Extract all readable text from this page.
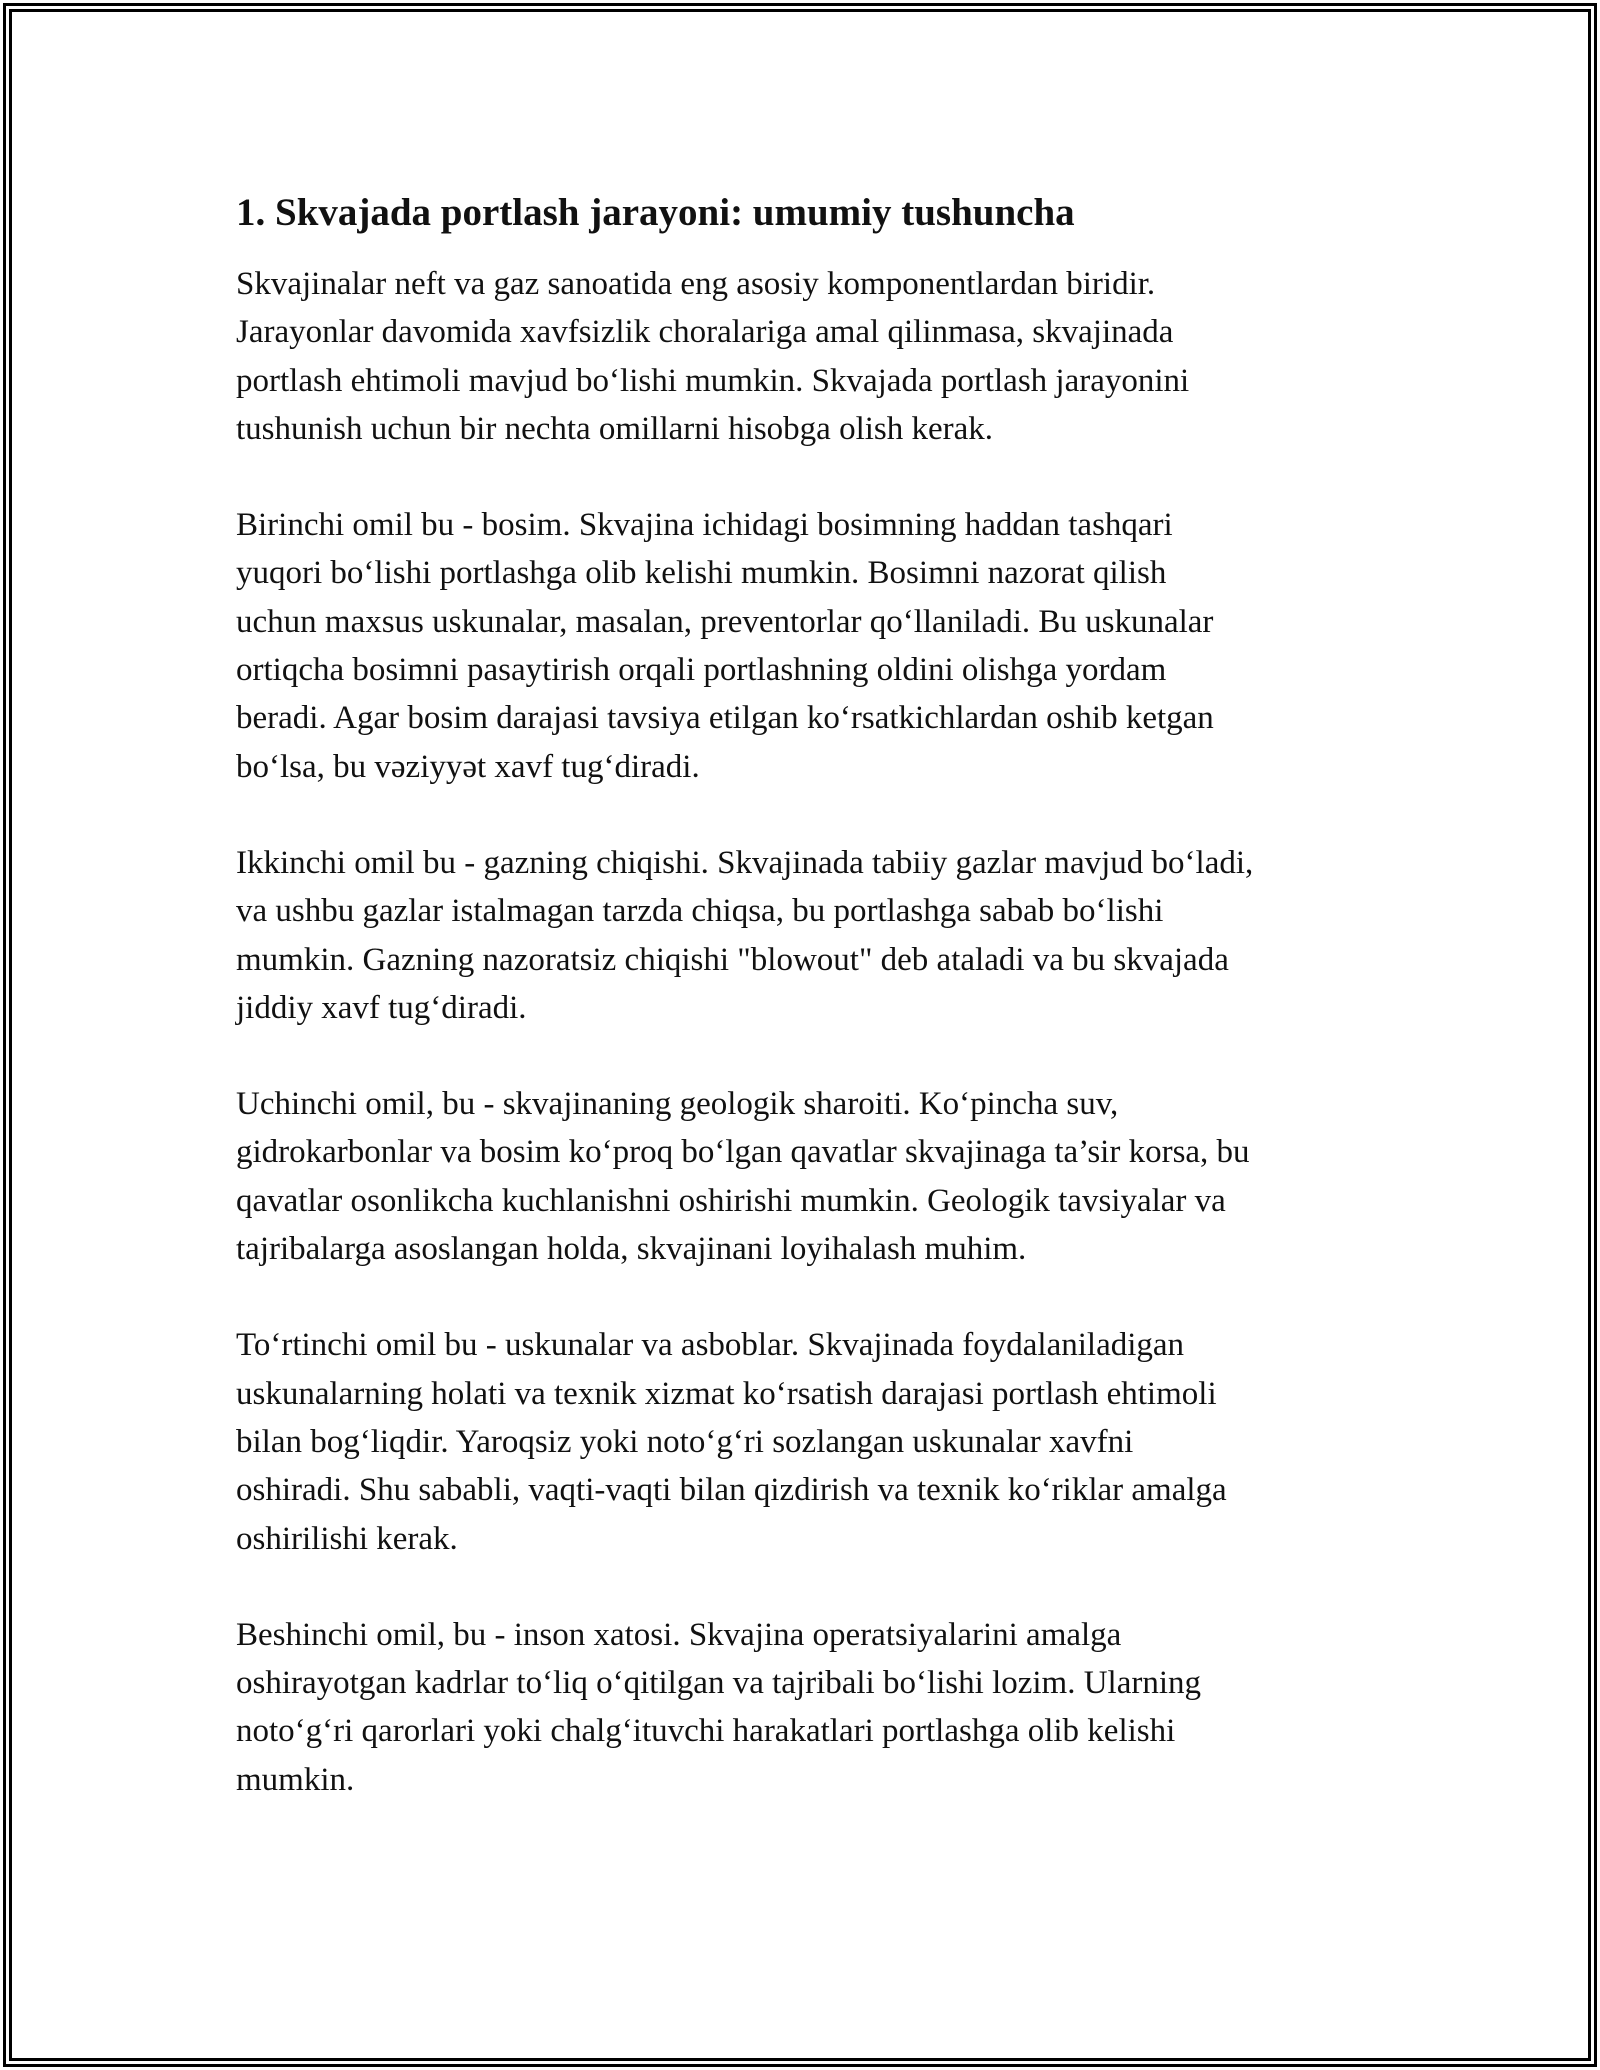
1. Skvajada portlash jarayoni: umumiy tushuncha

Skvajinalar neft va gaz sanoatida eng asosiy komponentlardan biridir.
Jarayonlar davomida xavfsizlik choralariga amal qilinmasa, skvajinada
portlash ehtimoli mavjud bo‘lishi mumkin. Skvajada portlash jarayonini
tushunish uchun bir nechta omillarni hisobga olish kerak.

Birinchi omil bu - bosim. Skvajina ichidagi bosimning haddan tashqari
yuqori bo‘lishi portlashga olib kelishi mumkin. Bosimni nazorat qilish
uchun maxsus uskunalar, masalan, preventorlar qo‘llaniladi. Bu uskunalar
ortiqcha bosimni pasaytirish orqali portlashning oldini olishga yordam
beradi. Agar bosim darajasi tavsiya etilgan ko‘rsatkichlardan oshib ketgan
bo‘lsa, bu vəziyyət xavf tug‘diradi.

Ikkinchi omil bu - gazning chiqishi. Skvajinada tabiiy gazlar mavjud bo‘ladi,
va ushbu gazlar istalmagan tarzda chiqsa, bu portlashga sabab bo‘lishi
mumkin. Gazning nazoratsiz chiqishi "blowout" deb ataladi va bu skvajada
jiddiy xavf tug‘diradi.

Uchinchi omil, bu - skvajinaning geologik sharoiti. Ko‘pincha suv,
gidrokarbonlar va bosim ko‘proq bo‘lgan qavatlar skvajinaga ta’sir korsa, bu
qavatlar osonlikcha kuchlanishni oshirishi mumkin. Geologik tavsiyalar va
tajribalarga asoslangan holda, skvajinani loyihalash muhim.

To‘rtinchi omil bu - uskunalar va asboblar. Skvajinada foydalaniladigan
uskunalarning holati va texnik xizmat ko‘rsatish darajasi portlash ehtimoli
bilan bog‘liqdir. Yaroqsiz yoki noto‘g‘ri sozlangan uskunalar xavfni
oshiradi. Shu sababli, vaqti-vaqti bilan qizdirish va texnik ko‘riklar amalga
oshirilishi kerak.

Beshinchi omil, bu - inson xatosi. Skvajina operatsiyalarini amalga
oshirayotgan kadrlar to‘liq o‘qitilgan va tajribali bo‘lishi lozim. Ularning
noto‘g‘ri qarorlari yoki chalg‘ituvchi harakatlari portlashga olib kelishi
mumkin.
